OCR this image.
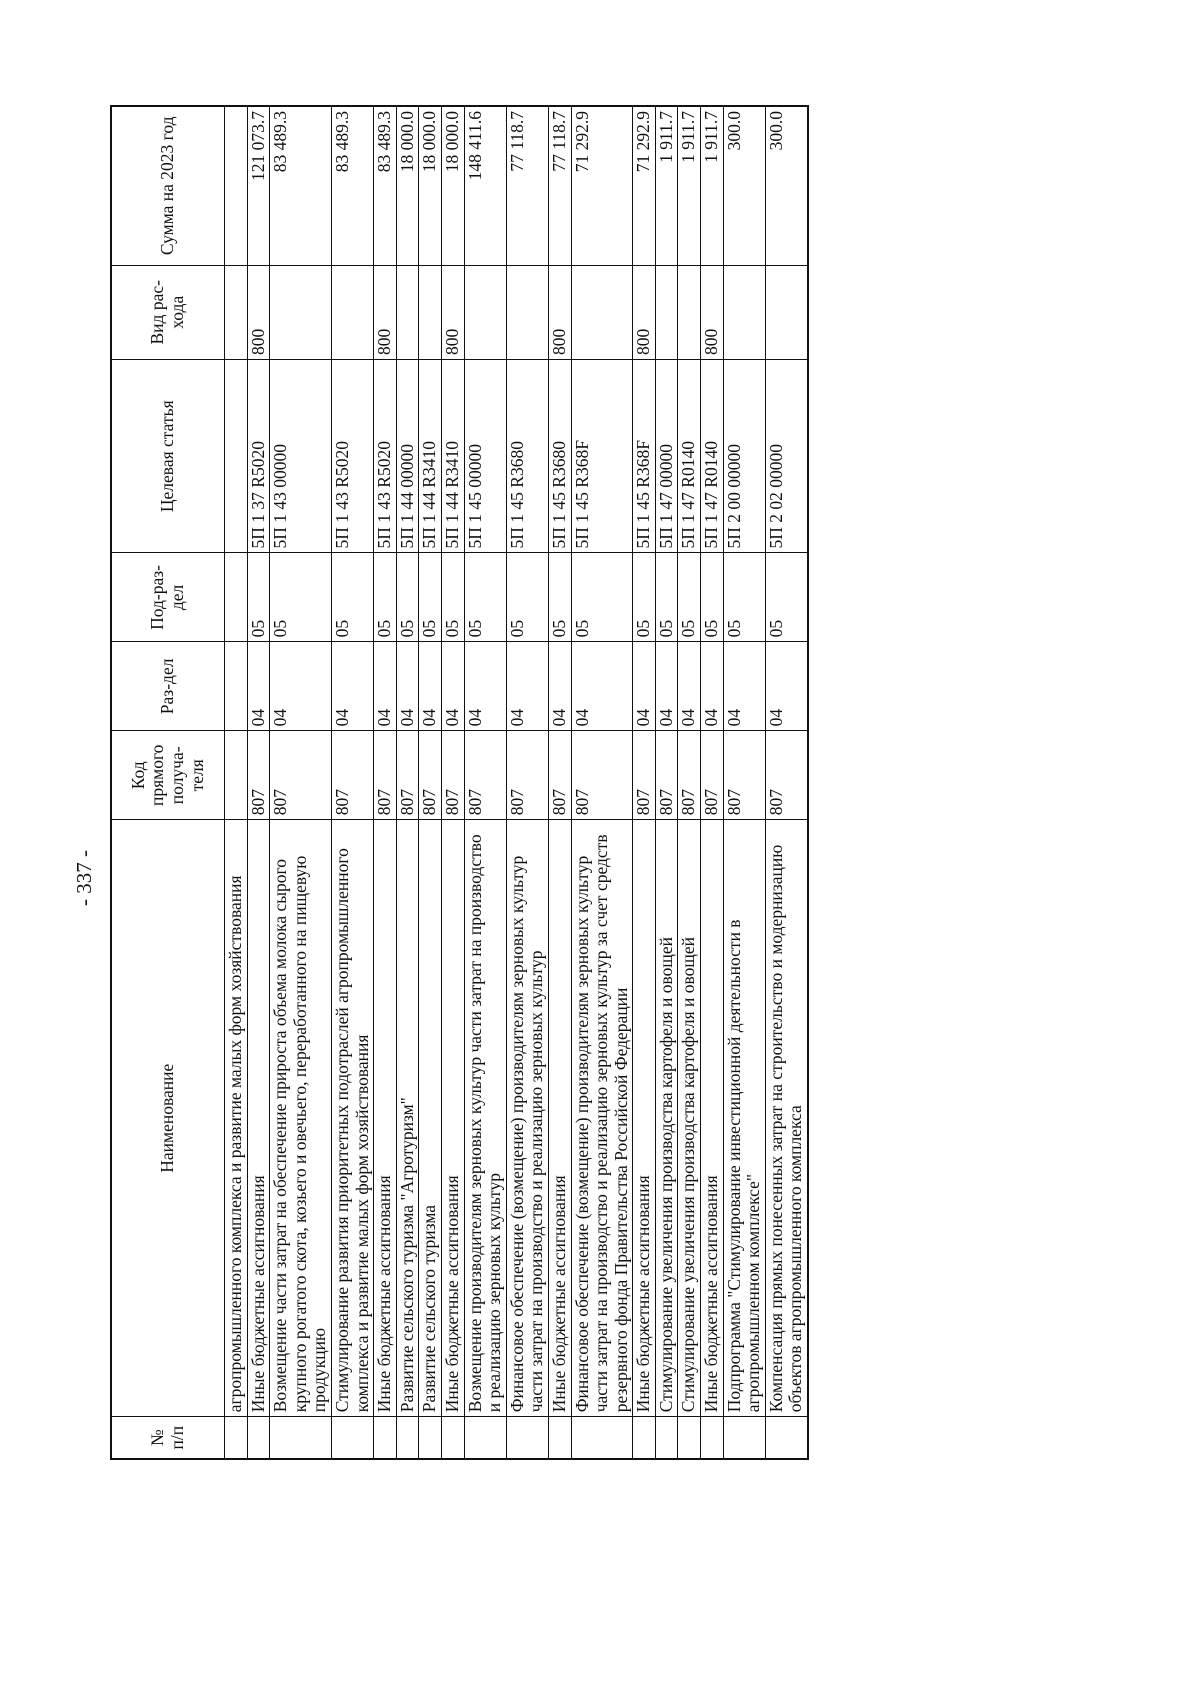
- 337 -
№ п/п	Наименование	Код прямого получа-теля	Раз-дел	Под-раз-дел	Целевая статья	Вид рас-хода	Сумма на 2023 год
	агропромышленного комплекса и развитие малых форм хозяйствования						
	Иные бюджетные ассигнования	807	04	05	5П 1 37 R5020	800	121 073.7
	Возмещение части затрат на обеспечение прироста объема молока сырого крупного рогатого скота, козьего и овечьего, переработанного на пищевую продукцию	807	04	05	5П 1 43 00000		83 489.3
	Стимулирование развития приоритетных подотраслей агропромышленного комплекса и развитие малых форм хозяйствования	807	04	05	5П 1 43 R5020		83 489.3
	Иные бюджетные ассигнования	807	04	05	5П 1 43 R5020	800	83 489.3
	Развитие сельского туризма "Агротуризм"	807	04	05	5П 1 44 00000		18 000.0
	Развитие сельского туризма	807	04	05	5П 1 44 R3410		18 000.0
	Иные бюджетные ассигнования	807	04	05	5П 1 44 R3410	800	18 000.0
	Возмещение производителям зерновых культур части затрат на производство и реализацию зерновых культур	807	04	05	5П 1 45 00000		148 411.6
	Финансовое обеспечение (возмещение) производителям зерновых культур части затрат на производство и реализацию зерновых культур	807	04	05	5П 1 45 R3680		77 118.7
	Иные бюджетные ассигнования	807	04	05	5П 1 45 R3680	800	77 118.7
	Финансовое обеспечение (возмещение) производителям зерновых культур части затрат на производство и реализацию зерновых культур за счет средств резервного фонда Правительства Российской Федерации	807	04	05	5П 1 45 R368F		71 292.9
	Иные бюджетные ассигнования	807	04	05	5П 1 45 R368F	800	71 292.9
	Стимулирование увеличения производства картофеля и овощей	807	04	05	5П 1 47 00000		1 911.7
	Стимулирование увеличения производства картофеля и овощей	807	04	05	5П 1 47 R0140		1 911.7
	Иные бюджетные ассигнования	807	04	05	5П 1 47 R0140	800	1 911.7
	Подпрограмма "Стимулирование инвестиционной деятельности в агропромышленном комплексе"	807	04	05	5П 2 00 00000		300.0
	Компенсация прямых понесенных затрат на строительство и модернизацию объектов агропромышленного комплекса	807	04	05	5П 2 02 00000		300.0
